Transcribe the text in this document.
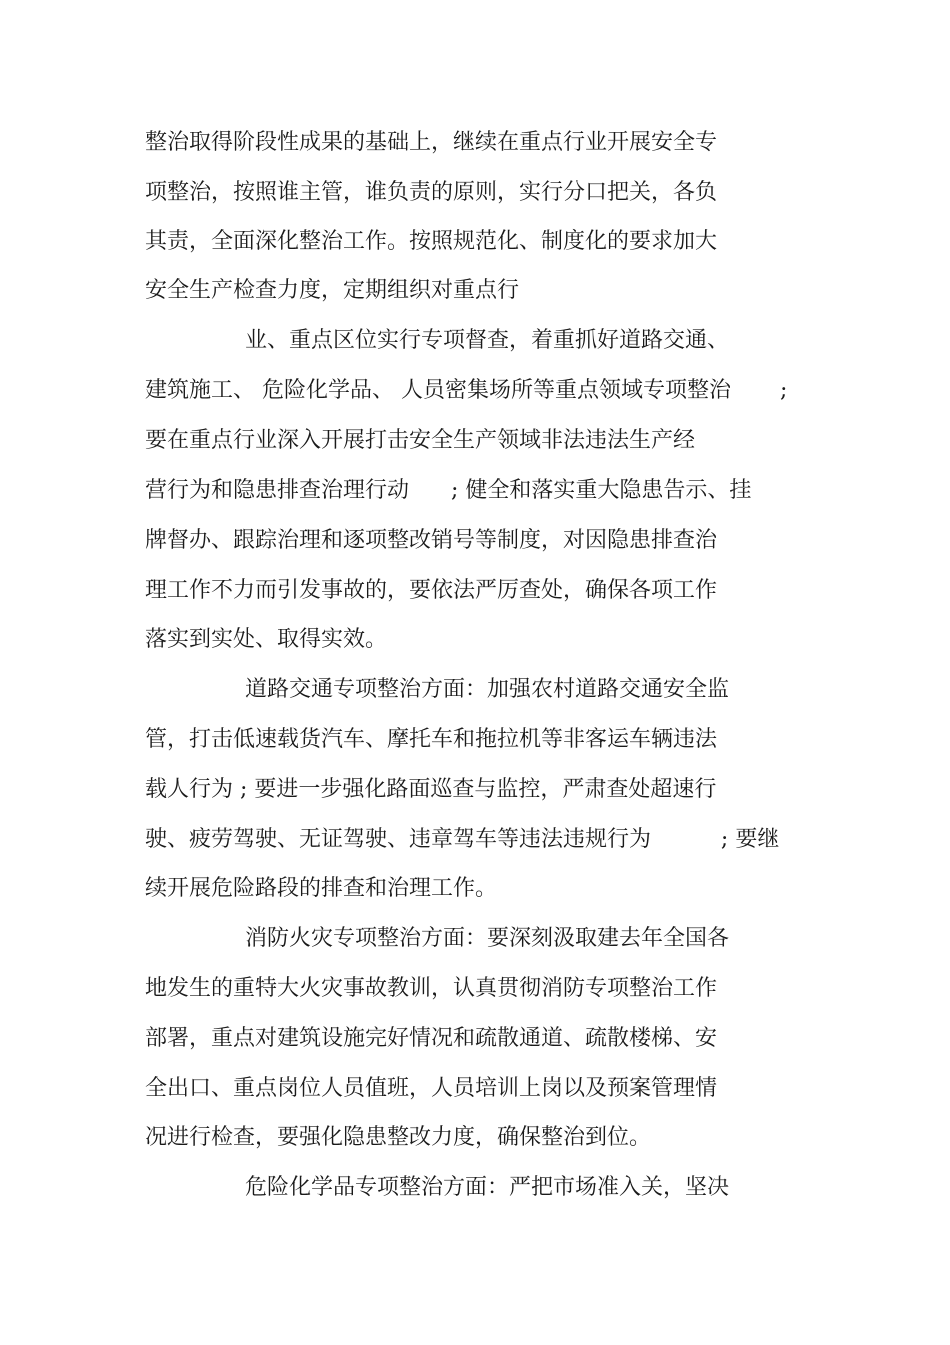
整治取得阶段性成果的基础上，继续在重点行业开展安全专
项整治，按照谁主管，谁负责的原则，实行分口把关，各负
其责，全面深化整治工作。按照规范化、制度化的要求加大
安全生产检查力度，定期组织对重点行
业、重点区位实行专项督查，着重抓好道路交通、
建筑施工、 危险化学品、 人员密集场所等重点领域专项整治       ;
要在重点行业深入开展打击安全生产领域非法违法生产经
营行为和隐患排查治理行动      ; 健全和落实重大隐患告示、挂
牌督办、跟踪治理和逐项整改销号等制度，对因隐患排查治
理工作不力而引发事故的，要依法严厉查处，确保各项工作
落实到实处、取得实效。
道路交通专项整治方面：加强农村道路交通安全监
管，打击低速载货汽车、摩托车和拖拉机等非客运车辆违法
载人行为 ; 要进一步强化路面巡查与监控，严肃查处超速行
驶、疲劳驾驶、无证驾驶、违章驾车等违法违规行为          ; 要继
续开展危险路段的排查和治理工作。
消防火灾专项整治方面：要深刻汲取建去年全国各
地发生的重特大火灾事故教训，认真贯彻消防专项整治工作
部署，重点对建筑设施完好情况和疏散通道、疏散楼梯、安
全出口、重点岗位人员值班，人员培训上岗以及预案管理情
况进行检查，要强化隐患整改力度，确保整治到位。
危险化学品专项整治方面：严把市场准入关，坚决
